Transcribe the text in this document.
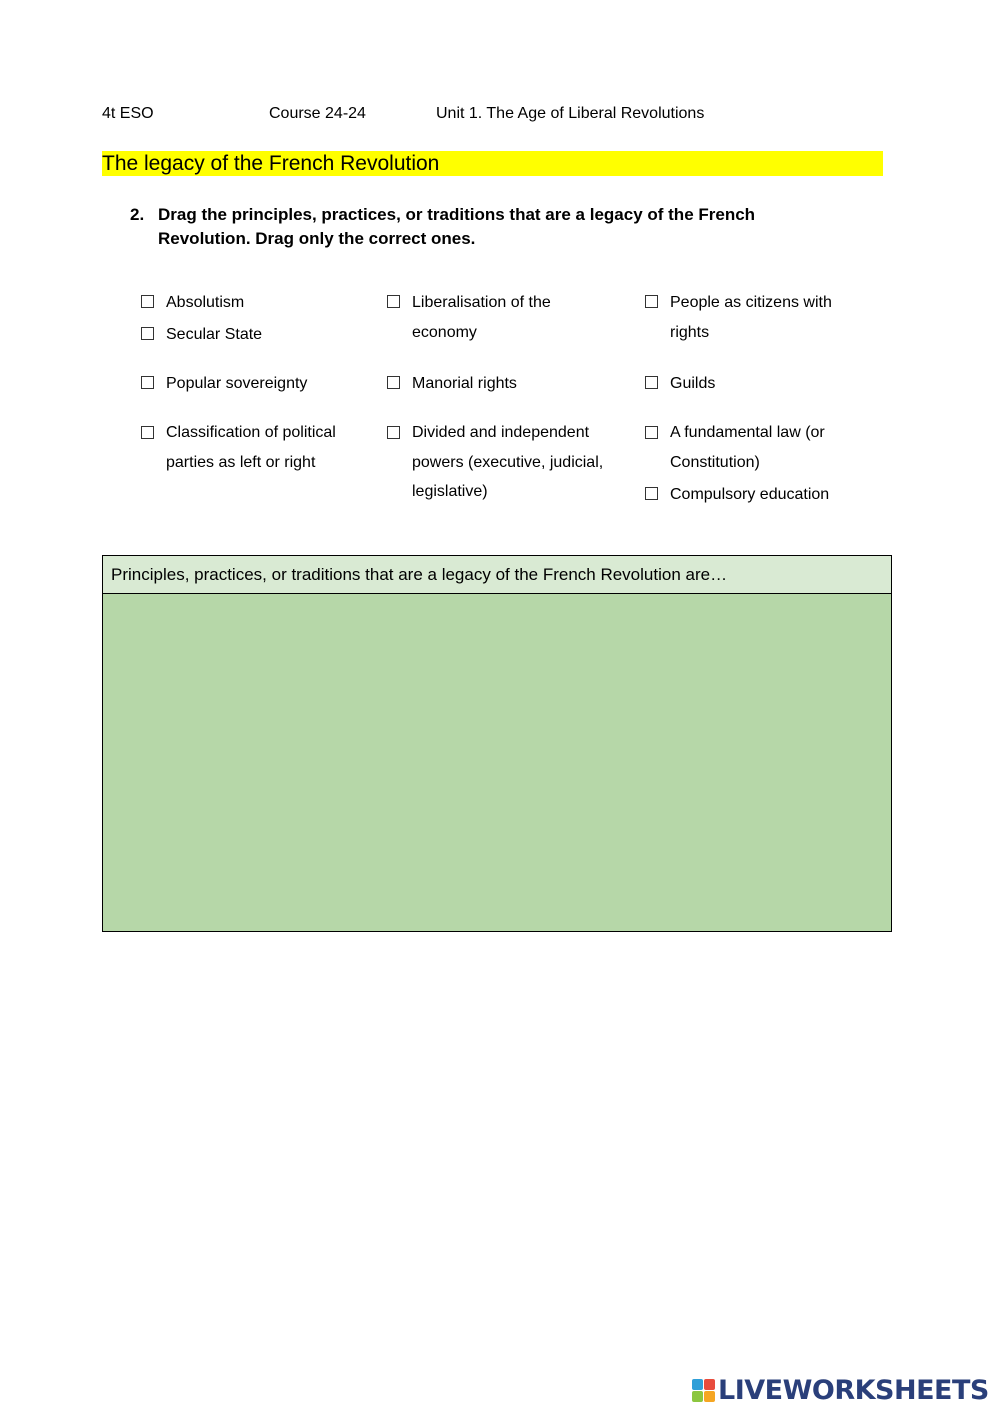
4t ESO	Course 24-24	Unit 1. The Age of Liberal Revolutions
The legacy of the French Revolution
2. Drag the principles, practices, or traditions that are a legacy of the French Revolution. Drag only the correct ones.
Absolutism
Secular State
Popular sovereignty
Classification of political parties as left or right
Liberalisation of the economy
Manorial rights
Divided and independent powers (executive, judicial, legislative)
People as citizens with rights
Guilds
A fundamental law (or Constitution)
Compulsory education
Principles, practices, or traditions that are a legacy of the French Revolution are…
LIVEWORKSHEETS
